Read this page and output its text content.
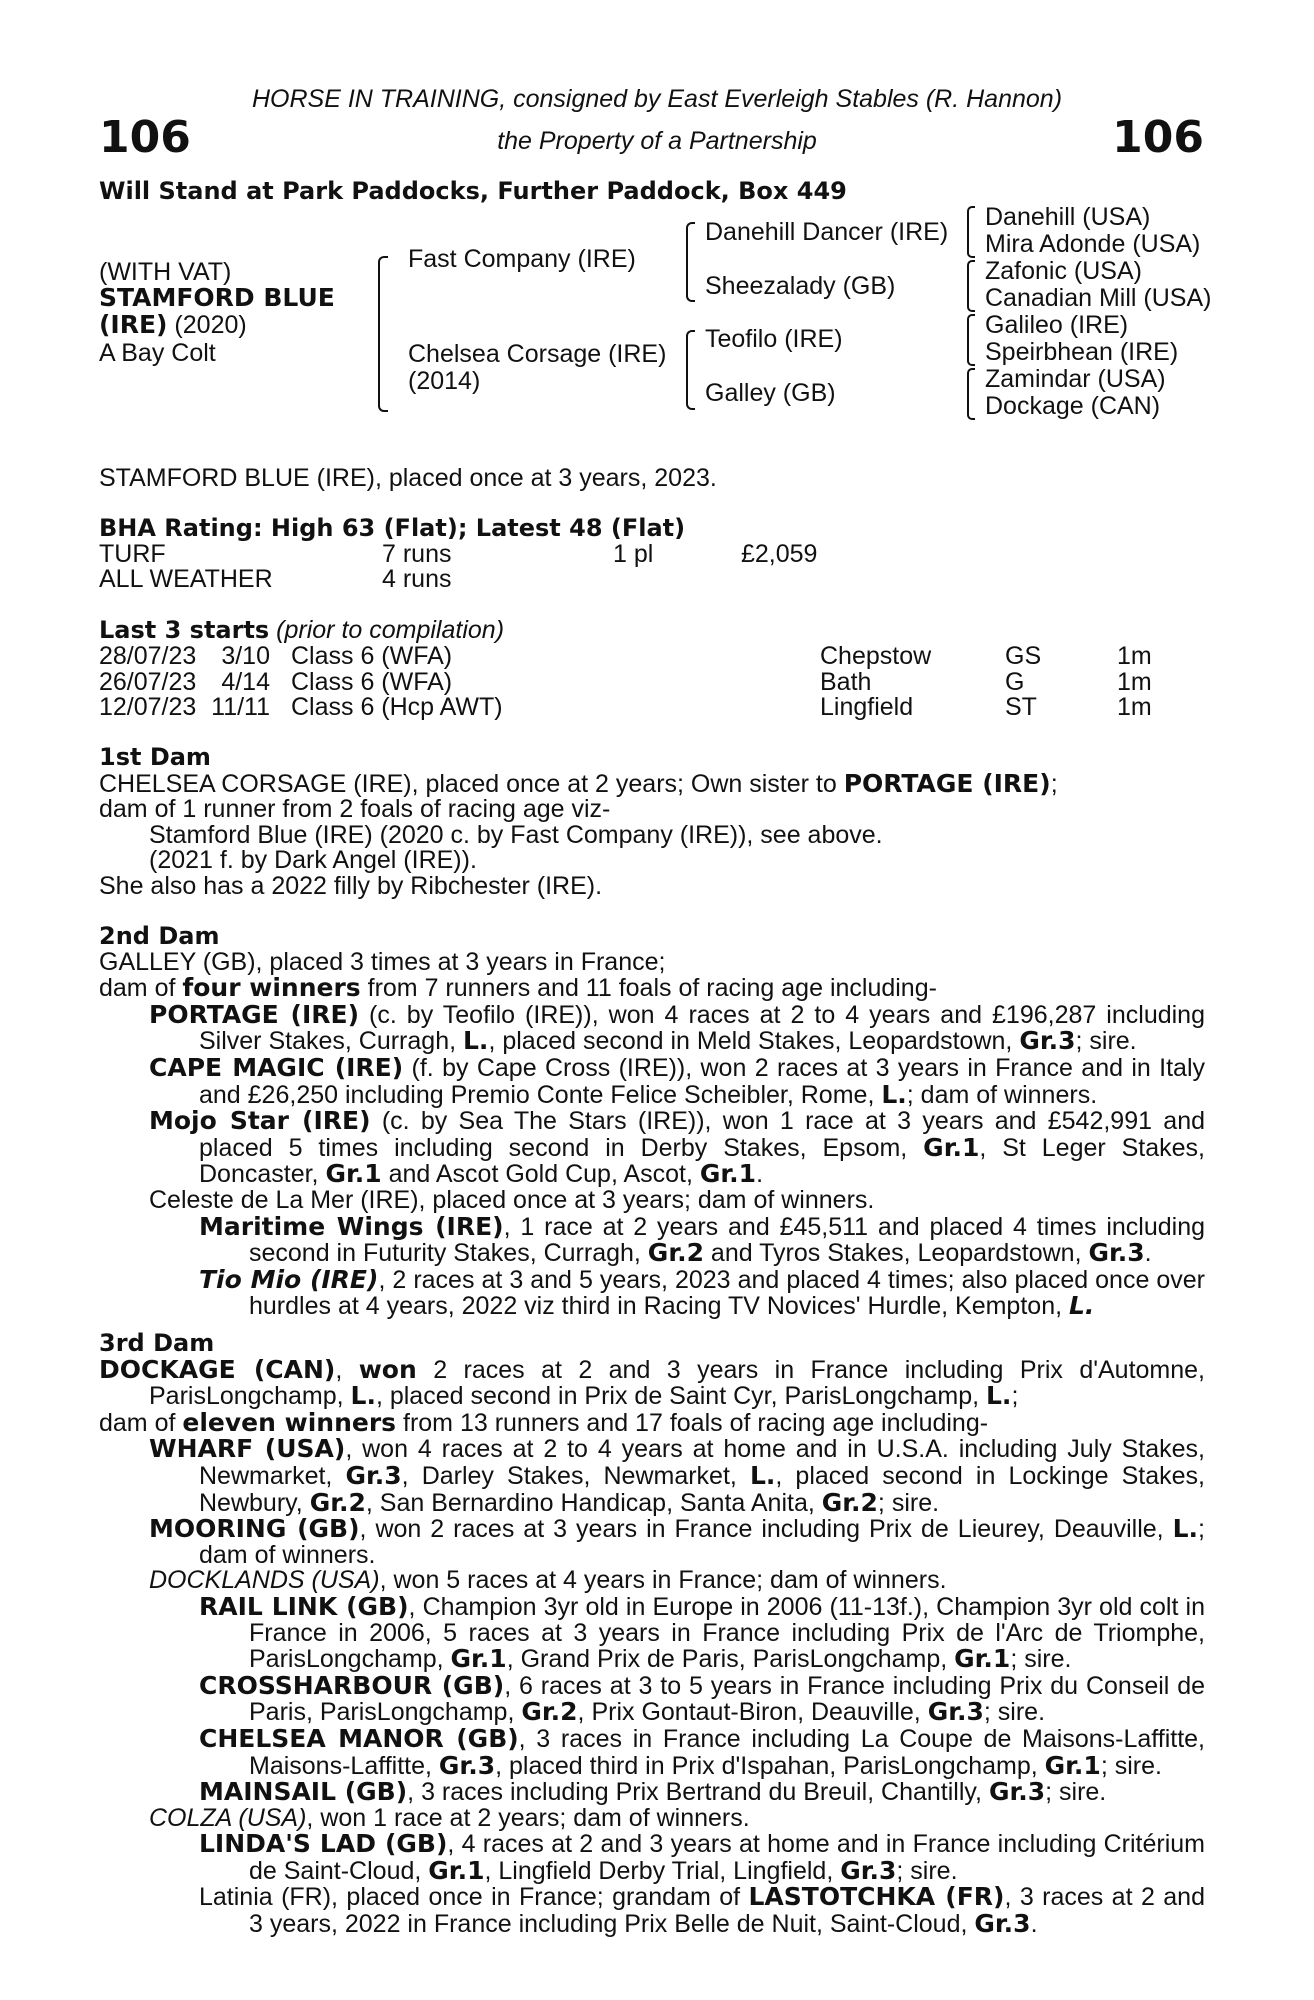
HORSE IN TRAINING, consigned by East Everleigh Stables (R. Hannon)
106	the Property of a Partnership	106
Will Stand at Park Paddocks, Further Paddock, Box 449
(WITH VAT)
STAMFORD BLUE
(IRE) (2020)
A Bay Colt
Fast Company (IRE)
Chelsea Corsage (IRE)
(2014)
Danehill Dancer (IRE)
Sheezalady (GB)
Teofilo (IRE)
Galley (GB)
Danehill (USA)
Mira Adonde (USA)
Zafonic (USA)
Canadian Mill (USA)
Galileo (IRE)
Speirbhean (IRE)
Zamindar (USA)
Dockage (CAN)
STAMFORD BLUE (IRE), placed once at 3 years, 2023.
BHA Rating: High 63 (Flat); Latest 48 (Flat)
TURF	7 runs	1 pl	£2,059
ALL WEATHER	4 runs
Last 3 starts (prior to compilation)
28/07/23	3/10 Class 6 (WFA)	Chepstow	GS	1m
26/07/23	4/14 Class 6 (WFA)	Bath	G	1m
12/07/23 11/11 Class 6 (Hcp AWT)	Lingfield	ST	1m

1st Dam

CHELSEA CORSAGE (IRE), placed once at 2 years; Own sister to PORTAGE (IRE);

dam of 1 runner from 2 foals of racing age viz-

Stamford Blue (IRE) (2020 c. by Fast Company (IRE)), see above.

(2021 f. by Dark Angel (IRE)).

She also has a 2022 filly by Ribchester (IRE).

2nd Dam

GALLEY (GB), placed 3 times at 3 years in France;

dam of four winners from 7 runners and 11 foals of racing age including-

PORTAGE (IRE) (c. by Teofilo (IRE)), won 4 races at 2 to 4 years and £196,287 including Silver Stakes, Curragh, L., placed second in Meld Stakes, Leopardstown, Gr.3; sire.

CAPE MAGIC (IRE) (f. by Cape Cross (IRE)), won 2 races at 3 years in France and in Italy and £26,250 including Premio Conte Felice Scheibler, Rome, L.; dam of winners.

Mojo Star (IRE) (c. by Sea The Stars (IRE)), won 1 race at 3 years and £542,991 and placed 5 times including second in Derby Stakes, Epsom, Gr.1, St Leger Stakes, Doncaster, Gr.1 and Ascot Gold Cup, Ascot, Gr.1.

Celeste de La Mer (IRE), placed once at 3 years; dam of winners.

Maritime Wings (IRE), 1 race at 2 years and £45,511 and placed 4 times including second in Futurity Stakes, Curragh, Gr.2 and Tyros Stakes, Leopardstown, Gr.3.

Tio Mio (IRE), 2 races at 3 and 5 years, 2023 and placed 4 times; also placed once over hurdles at 4 years, 2022 viz third in Racing TV Novices' Hurdle, Kempton, L.

3rd Dam

DOCKAGE (CAN), won 2 races at 2 and 3 years in France including Prix d'Automne, ParisLongchamp, L., placed second in Prix de Saint Cyr, ParisLongchamp, L.;

dam of eleven winners from 13 runners and 17 foals of racing age including-

WHARF (USA), won 4 races at 2 to 4 years at home and in U.S.A. including July Stakes, Newmarket, Gr.3, Darley Stakes, Newmarket, L., placed second in Lockinge Stakes, Newbury, Gr.2, San Bernardino Handicap, Santa Anita, Gr.2; sire.

MOORING (GB), won 2 races at 3 years in France including Prix de Lieurey, Deauville, L.; dam of winners.

DOCKLANDS (USA), won 5 races at 4 years in France; dam of winners.

RAIL LINK (GB), Champion 3yr old in Europe in 2006 (11-13f.), Champion 3yr old colt in France in 2006, 5 races at 3 years in France including Prix de l'Arc de Triomphe, ParisLongchamp, Gr.1, Grand Prix de Paris, ParisLongchamp, Gr.1; sire.

CROSSHARBOUR (GB), 6 races at 3 to 5 years in France including Prix du Conseil de Paris, ParisLongchamp, Gr.2, Prix Gontaut-Biron, Deauville, Gr.3; sire.

CHELSEA MANOR (GB), 3 races in France including La Coupe de Maisons-Laffitte, Maisons-Laffitte, Gr.3, placed third in Prix d'Ispahan, ParisLongchamp, Gr.1; sire.

MAINSAIL (GB), 3 races including Prix Bertrand du Breuil, Chantilly, Gr.3; sire.

COLZA (USA), won 1 race at 2 years; dam of winners.

LINDA'S LAD (GB), 4 races at 2 and 3 years at home and in France including Critérium de Saint-Cloud, Gr.1, Lingfield Derby Trial, Lingfield, Gr.3; sire.

Latinia (FR), placed once in France; grandam of LASTOTCHKA (FR), 3 races at 2 and 3 years, 2022 in France including Prix Belle de Nuit, Saint-Cloud, Gr.3.
